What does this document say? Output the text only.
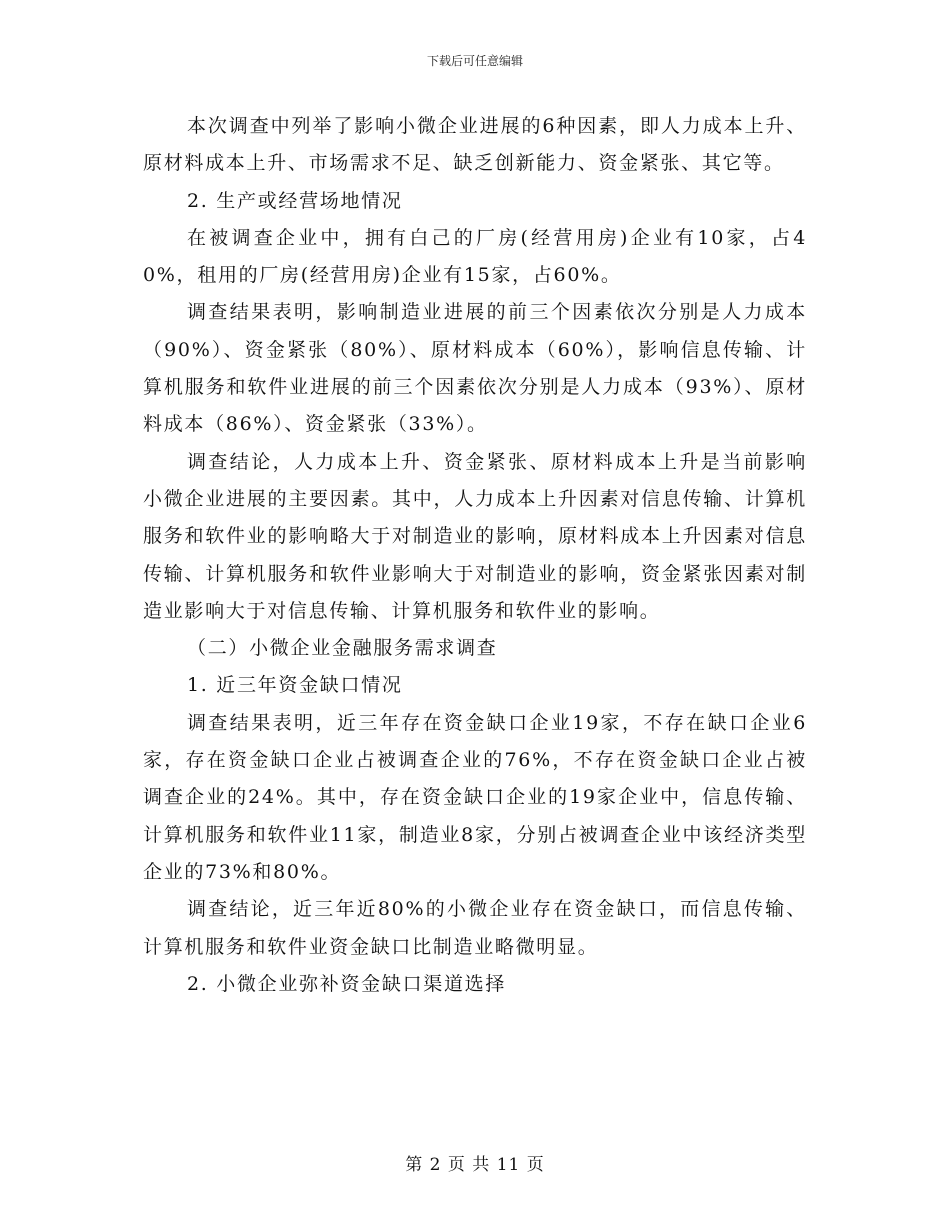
下载后可任意编辑

本次调查中列举了影响小微企业进展的6种因素，即人力成本上升、原材料成本上升、市场需求不足、缺乏创新能力、资金紧张、其它等。

2. 生产或经营场地情况

在被调查企业中，拥有白己的厂房(经营用房)企业有10家，占40%，租用的厂房(经营用房)企业有15家，占60%。

调查结果表明，影响制造业进展的前三个因素依次分别是人力成本（90%）、资金紧张（80%）、原材料成本（60%），影响信息传输、计算机服务和软件业进展的前三个因素依次分别是人力成本（93%）、原材料成本（86%）、资金紧张（33%）。

调查结论，人力成本上升、资金紧张、原材料成本上升是当前影响小微企业进展的主要因素。其中，人力成本上升因素对信息传输、计算机服务和软件业的影响略大于对制造业的影响，原材料成本上升因素对信息传输、计算机服务和软件业影响大于对制造业的影响，资金紧张因素对制造业影响大于对信息传输、计算机服务和软件业的影响。

（二）小微企业金融服务需求调查

1. 近三年资金缺口情况

调查结果表明，近三年存在资金缺口企业19家，不存在缺口企业6家，存在资金缺口企业占被调查企业的76%，不存在资金缺口企业占被调查企业的24%。其中，存在资金缺口企业的19家企业中，信息传输、计算机服务和软件业11家，制造业8家，分别占被调查企业中该经济类型企业的73%和80%。

调查结论，近三年近80%的小微企业存在资金缺口，而信息传输、计算机服务和软件业资金缺口比制造业略微明显。

2. 小微企业弥补资金缺口渠道选择

第 2 页 共 11 页
